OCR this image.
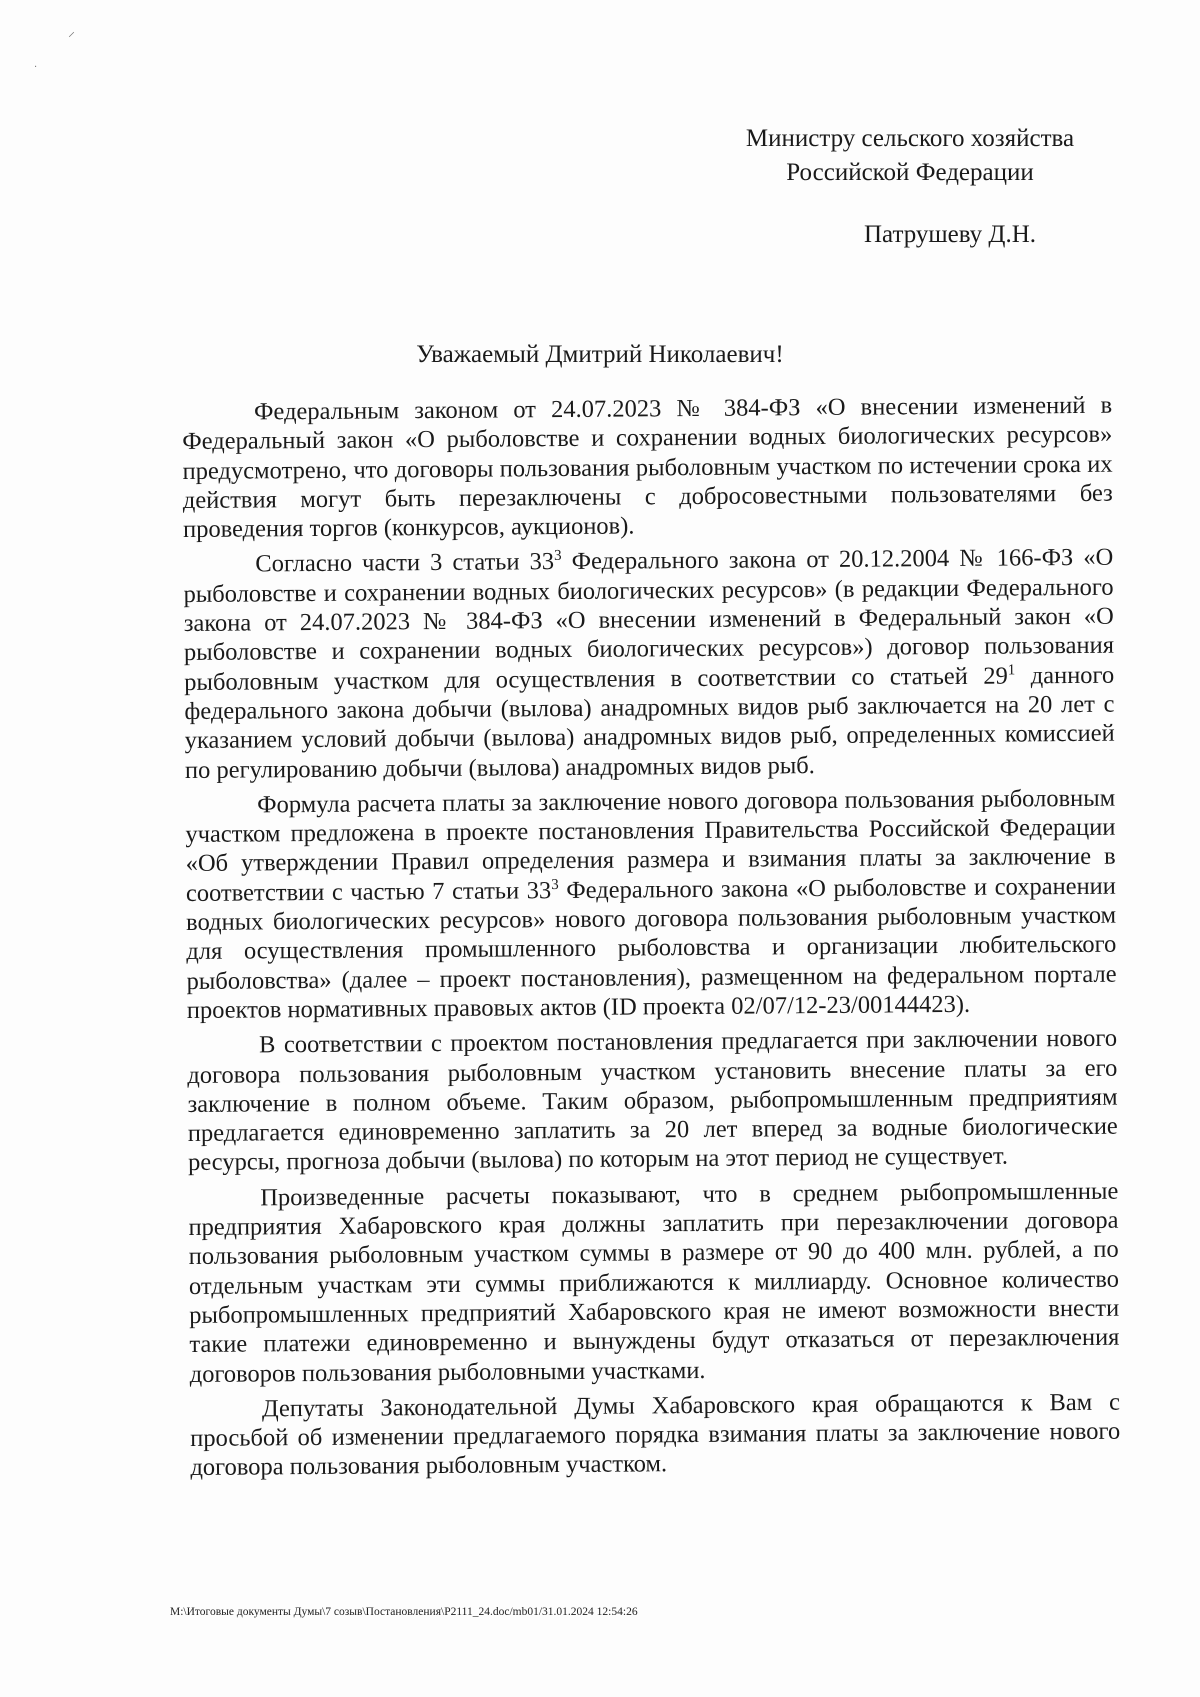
⸝
·
Министру сельского хозяйства
Российской Федерации
Патрушеву Д.Н.
Уважаемый Дмитрий Николаевич!

Федеральным законом от 24.07.2023 № 384-ФЗ «О внесении изменений в Федеральный закон «О рыболовстве и сохранении водных биологических ресурсов» предусмотрено, что договоры пользования рыболовным участком по истечении срока их действия могут быть перезаключены с добросовестными пользователями без проведения торгов (конкурсов, аукционов).

Согласно части 3 статьи $33^3$ Федерального закона от 20.12.2004 № 166-ФЗ «О рыболовстве и сохранении водных биологических ресурсов» (в редакции Федерального закона от 24.07.2023 № 384-ФЗ «О внесении изменений в Федеральный закон «О рыболовстве и сохранении водных биологических ресурсов») договор пользования рыболовным участком для осуществления в соответствии со статьей $29^1$ данного федерального закона добычи (вылова) анадромных видов рыб заключается на 20 лет с указанием условий добычи (вылова) анадромных видов рыб, определенных комиссией по регулированию добычи (вылова) анадромных видов рыб.

Формула расчета платы за заключение нового договора пользования рыболовным участком предложена в проекте постановления Правительства Российской Федерации «Об утверждении Правил определения размера и взимания платы за заключение в соответствии с частью 7 статьи $33^3$ Федерального закона «О рыболовстве и сохранении водных биологических ресурсов» нового договора пользования рыболовным участком для осуществления промышленного рыболовства и организации любительского рыболовства» (далее – проект постановления), размещенном на федеральном портале проектов нормативных правовых актов (ID проекта 02/07/12-23/00144423).

В соответствии с проектом постановления предлагается при заключении нового договора пользования рыболовным участком установить внесение платы за его заключение в полном объеме. Таким образом, рыбопромышленным предприятиям предлагается единовременно заплатить за 20 лет вперед за водные биологические ресурсы, прогноза добычи (вылова) по которым на этот период не существует.

Произведенные расчеты показывают, что в среднем рыбопромышленные предприятия Хабаровского края должны заплатить при перезаключении договора пользования рыболовным участком суммы в размере от 90 до 400 млн. рублей, а по отдельным участкам эти суммы приближаются к миллиарду. Основное количество рыбопромышленных предприятий Хабаровского края не имеют возможности внести такие платежи единовременно и вынуждены будут отказаться от перезаключения договоров пользования рыболовными участками.

Депутаты Законодательной Думы Хабаровского края обращаются к Вам с просьбой об изменении предлагаемого порядка взимания платы за заключение нового договора пользования рыболовным участком.

М:\Итоговые документы Думы\7 созыв\Постановления\P2111_24.doc/mb01/31.01.2024 12:54:26
